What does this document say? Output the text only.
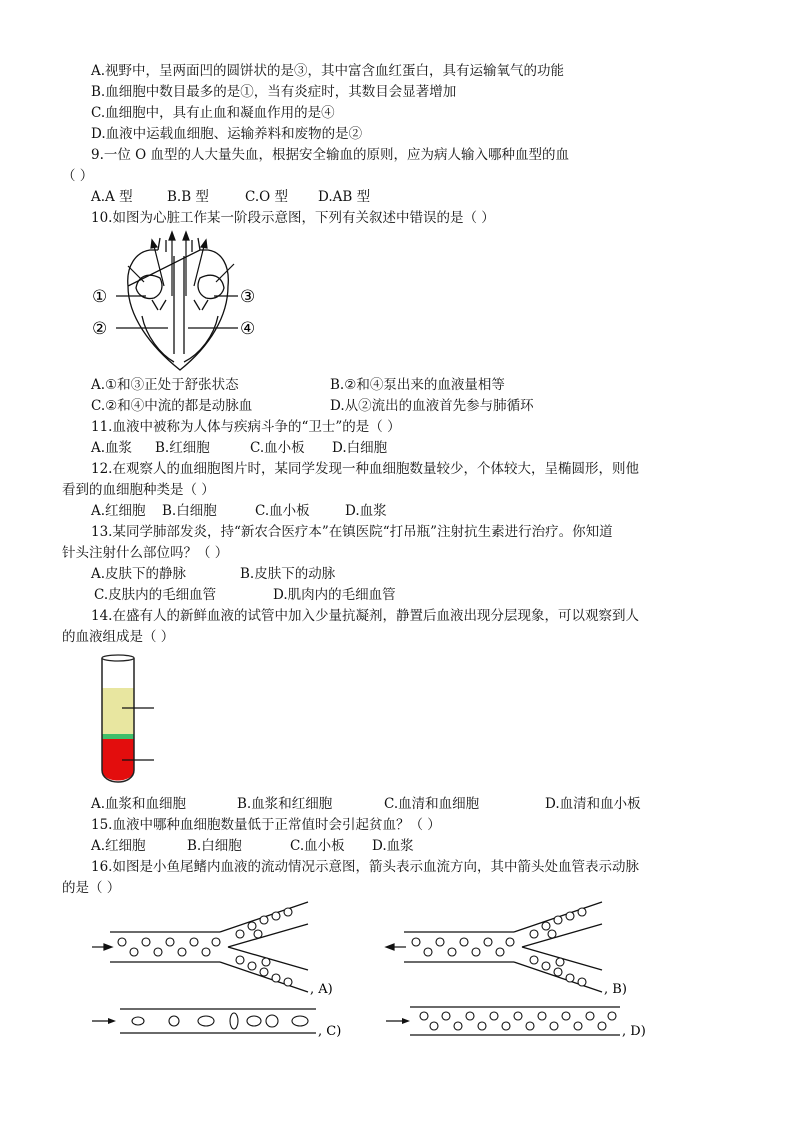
A.视野中，呈两面凹的圆饼状的是③，其中富含血红蛋白，具有运输氧气的功能
B.血细胞中数目最多的是①，当有炎症时，其数目会显著增加
C.血细胞中，具有止血和凝血作用的是④
D.血液中运载血细胞、运输养料和废物的是②
9.一位 O 血型的人大量失血，根据安全输血的原则，应为病人输入哪种血型的血
（ ）
A.A 型	B.B 型	C.O 型 D.AB 型
10.如图为心脏工作某一阶段示意图，下列有关叙述中错误的是（ ）
①
②
③
④
A.①和③正处于舒张状态	B.②和④泵出来的血液量相等
C.②和④中流的都是动脉血	D.从②流出的血液首先参与肺循环
11.血液中被称为人体与疾病斗争的“卫士”的是（ ）
A.血浆 B.红细胞	C.血小板 D.白细胞
12.在观察人的血细胞图片时，某同学发现一种血细胞数量较少，个体较大，呈椭圆形，则他
看到的血细胞种类是（ ）
A.红细胞 B.白细胞	C.血小板	D.血浆
13.某同学肺部发炎，持“新农合医疗本”在镇医院“打吊瓶”注射抗生素进行治疗。你知道
针头注射什么部位吗？（ ）
A.皮肤下的静脉	B.皮肤下的动脉
C.皮肤内的毛细血管	D.肌肉内的毛细血管
14.在盛有人的新鲜血液的试管中加入少量抗凝剂，静置后血液出现分层现象，可以观察到人
的血液组成是（ ）
A.血浆和血细胞	B.血浆和红细胞	C.血清和血细胞	D.血清和血小板
15.血液中哪种血细胞数量低于正常值时会引起贫血？（ ）
A.红细胞	B.白细胞	C.血小板 D.血浆
16.如图是小鱼尾鳍内血液的流动情况示意图，箭头表示血流方向，其中箭头处血管表示动脉
的是（ ）
, A)	, B)
, C)	, D)
